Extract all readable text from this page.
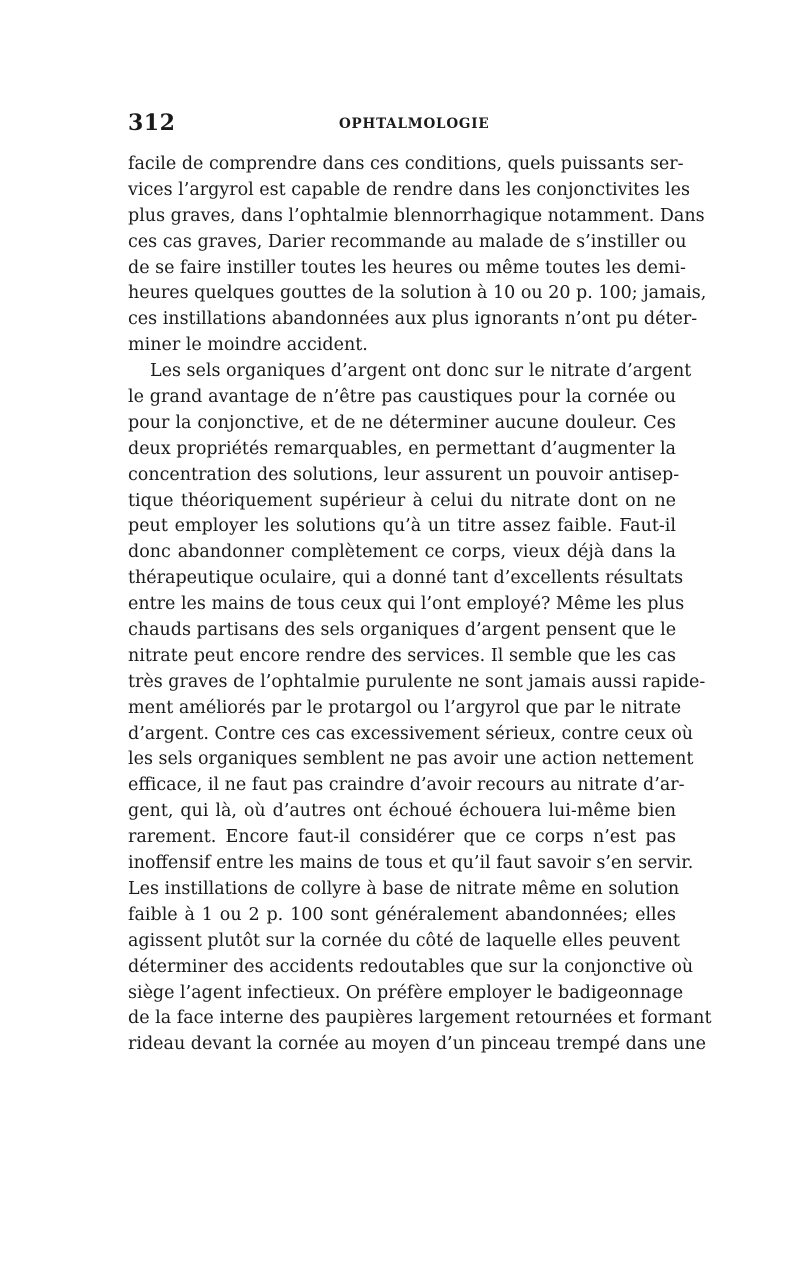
312	OPHTALMOLOGIE
facile de comprendre dans ces conditions, quels puissants ser-
vices l’argyrol est capable de rendre dans les conjonctivites les
plus graves, dans l’ophtalmie blennorrhagique notamment. Dans
ces cas graves, Darier recommande au malade de s’instiller ou
de se faire instiller toutes les heures ou même toutes les demi-
heures quelques gouttes de la solution à 10 ou 20 p. 100; jamais,
ces instillations abandonnées aux plus ignorants n’ont pu déter-
miner le moindre accident.
Les sels organiques d’argent ont donc sur le nitrate d’argent
le grand avantage de n’être pas caustiques pour la cornée ou
pour la conjonctive, et de ne déterminer aucune douleur. Ces
deux propriétés remarquables, en permettant d’augmenter la
concentration des solutions, leur assurent un pouvoir antisep-
tique théoriquement supérieur à celui du nitrate dont on ne
peut employer les solutions qu’à un titre assez faible. Faut-il
donc abandonner complètement ce corps, vieux déjà dans la
thérapeutique oculaire, qui a donné tant d’excellents résultats
entre les mains de tous ceux qui l’ont employé? Même les plus
chauds partisans des sels organiques d’argent pensent que le
nitrate peut encore rendre des services. Il semble que les cas
très graves de l’ophtalmie purulente ne sont jamais aussi rapide-
ment améliorés par le protargol ou l’argyrol que par le nitrate
d’argent. Contre ces cas excessivement sérieux, contre ceux où
les sels organiques semblent ne pas avoir une action nettement
efficace, il ne faut pas craindre d’avoir recours au nitrate d’ar-
gent, qui là, où d’autres ont échoué échouera lui-même bien
rarement. Encore faut-il considérer que ce corps n’est pas
inoffensif entre les mains de tous et qu’il faut savoir s’en servir.
Les instillations de collyre à base de nitrate même en solution
faible à 1 ou 2 p. 100 sont généralement abandonnées; elles
agissent plutôt sur la cornée du côté de laquelle elles peuvent
déterminer des accidents redoutables que sur la conjonctive où
siège l’agent infectieux. On préfère employer le badigeonnage
de la face interne des paupières largement retournées et formant
rideau devant la cornée au moyen d’un pinceau trempé dans une
